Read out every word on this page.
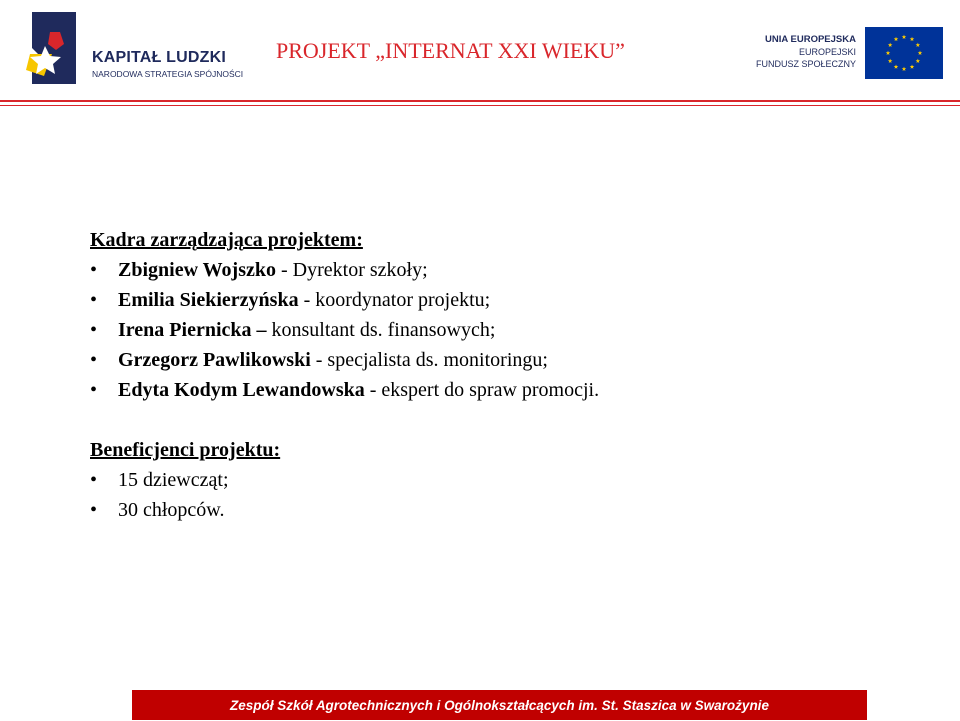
KAPITAŁ LUDZKI
NARODOWA STRATEGIA SPÓJNOŚCI
PROJEKT „INTERNAT XXI WIEKU”	UNIA EUROPEJSKA
EUROPEJSKI
FUNDUSZ SPOŁECZNY
Kadra zarządzająca projektem:
• Zbigniew Wojszko - Dyrektor szkoły;
• Emilia Siekierzyńska - koordynator projektu;
• Irena Piernicka – konsultant ds. finansowych;
• Grzegorz Pawlikowski - specjalista ds. monitoringu;
• Edyta Kodym Lewandowska - ekspert do spraw promocji.
Beneficjenci projektu:
• 15 dziewcząt;
• 30 chłopców.
Zespół Szkół Agrotechnicznych i Ogólnokształcących im. St. Staszica w Swarożynie
